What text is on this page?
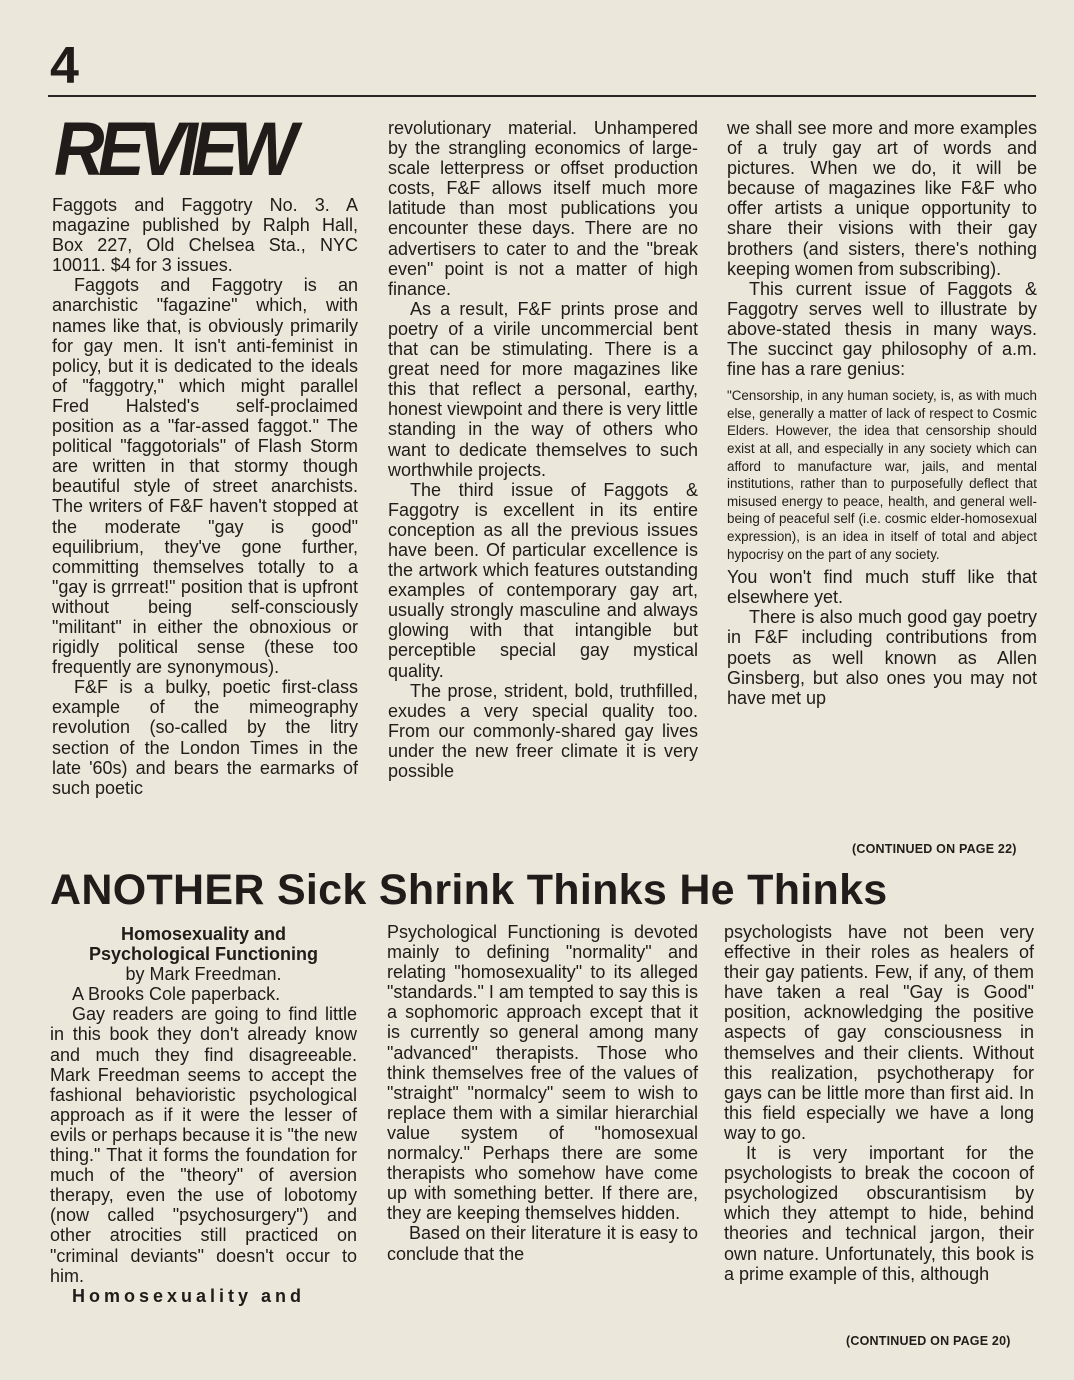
4
REVIEW

Faggots and Faggotry No. 3. A magazine published by Ralph Hall, Box 227, Old Chelsea Sta., NYC 10011. $4 for 3 issues.

Faggots and Faggotry is an anarchistic "fagazine" which, with names like that, is obviously primarily for gay men. It isn't anti-feminist in policy, but it is dedicated to the ideals of "faggotry," which might parallel Fred Halsted's self-proclaimed position as a "far-assed faggot." The political "faggotorials" of Flash Storm are written in that stormy though beautiful style of street anarchists. The writers of F&F haven't stopped at the moderate "gay is good" equilibrium, they've gone further, committing themselves totally to a "gay is grrreat!" position that is upfront without being self-consciously "militant" in either the obnoxious or rigidly political sense (these too frequently are synonymous).

F&F is a bulky, poetic first-class example of the mimeography revolution (so-called by the litry section of the London Times in the late '60s) and bears the earmarks of such poetic

revolutionary material. Unhampered by the strangling economics of large-scale letterpress or offset production costs, F&F allows itself much more latitude than most publications you encounter these days. There are no advertisers to cater to and the "break even" point is not a matter of high finance.

As a result, F&F prints prose and poetry of a virile uncommercial bent that can be stimulating. There is a great need for more magazines like this that reflect a personal, earthy, honest viewpoint and there is very little standing in the way of others who want to dedicate themselves to such worthwhile projects.

The third issue of Faggots & Faggotry is excellent in its entire conception as all the previous issues have been. Of particular excellence is the artwork which features outstanding examples of contemporary gay art, usually strongly masculine and always glowing with that intangible but perceptible special gay mystical quality.

The prose, strident, bold, truthfilled, exudes a very special quality too. From our commonly-shared gay lives under the new freer climate it is very possible

we shall see more and more examples of a truly gay art of words and pictures. When we do, it will be because of magazines like F&F who offer artists a unique opportunity to share their visions with their gay brothers (and sisters, there's nothing keeping women from subscribing).

This current issue of Faggots & Faggotry serves well to illustrate by above-stated thesis in many ways. The succinct gay philosophy of a.m. fine has a rare genius:

"Censorship, in any human society, is, as with much else, generally a matter of lack of respect to Cosmic Elders. However, the idea that censorship should exist at all, and especially in any society which can afford to manufacture war, jails, and mental institutions, rather than to purposefully deflect that misused energy to peace, health, and general well-being of peaceful self (i.e. cosmic elder-homosexual expression), is an idea in itself of total and abject hypocrisy on the part of any society.

You won't find much stuff like that elsewhere yet.

There is also much good gay poetry in F&F including contributions from poets as well known as Allen Ginsberg, but also ones you may not have met up

(CONTINUED ON PAGE 22)
ANOTHER Sick Shrink Thinks He Thinks

Homosexuality and Psychological Functioning

by Mark Freedman.

A Brooks Cole paperback.

Gay readers are going to find little in this book they don't already know and much they find disagreeable. Mark Freedman seems to accept the fashional behavioristic psychological approach as if it were the lesser of evils or perhaps because it is "the new thing." That it forms the foundation for much of the "theory" of aversion therapy, even the use of lobotomy (now called "psychosurgery") and other atrocities still practiced on "criminal deviants" doesn't occur to him.

Homosexuality and

Psychological Functioning is devoted mainly to defining "normality" and relating "homosexuality" to its alleged "standards." I am tempted to say this is a sophomoric approach except that it is currently so general among many "advanced" therapists. Those who think themselves free of the values of "straight" "normalcy" seem to wish to replace them with a similar hierarchial value system of "homosexual normalcy." Perhaps there are some therapists who somehow have come up with something better. If there are, they are keeping themselves hidden.

Based on their literature it is easy to conclude that the

psychologists have not been very effective in their roles as healers of their gay patients. Few, if any, of them have taken a real "Gay is Good" position, acknowledging the positive aspects of gay consciousness in themselves and their clients. Without this realization, psychotherapy for gays can be little more than first aid. In this field especially we have a long way to go.

It is very important for the psychologists to break the cocoon of psychologized obscurantisism by which they attempt to hide, behind theories and technical jargon, their own nature. Unfortunately, this book is a prime example of this, although

(CONTINUED ON PAGE 20)
